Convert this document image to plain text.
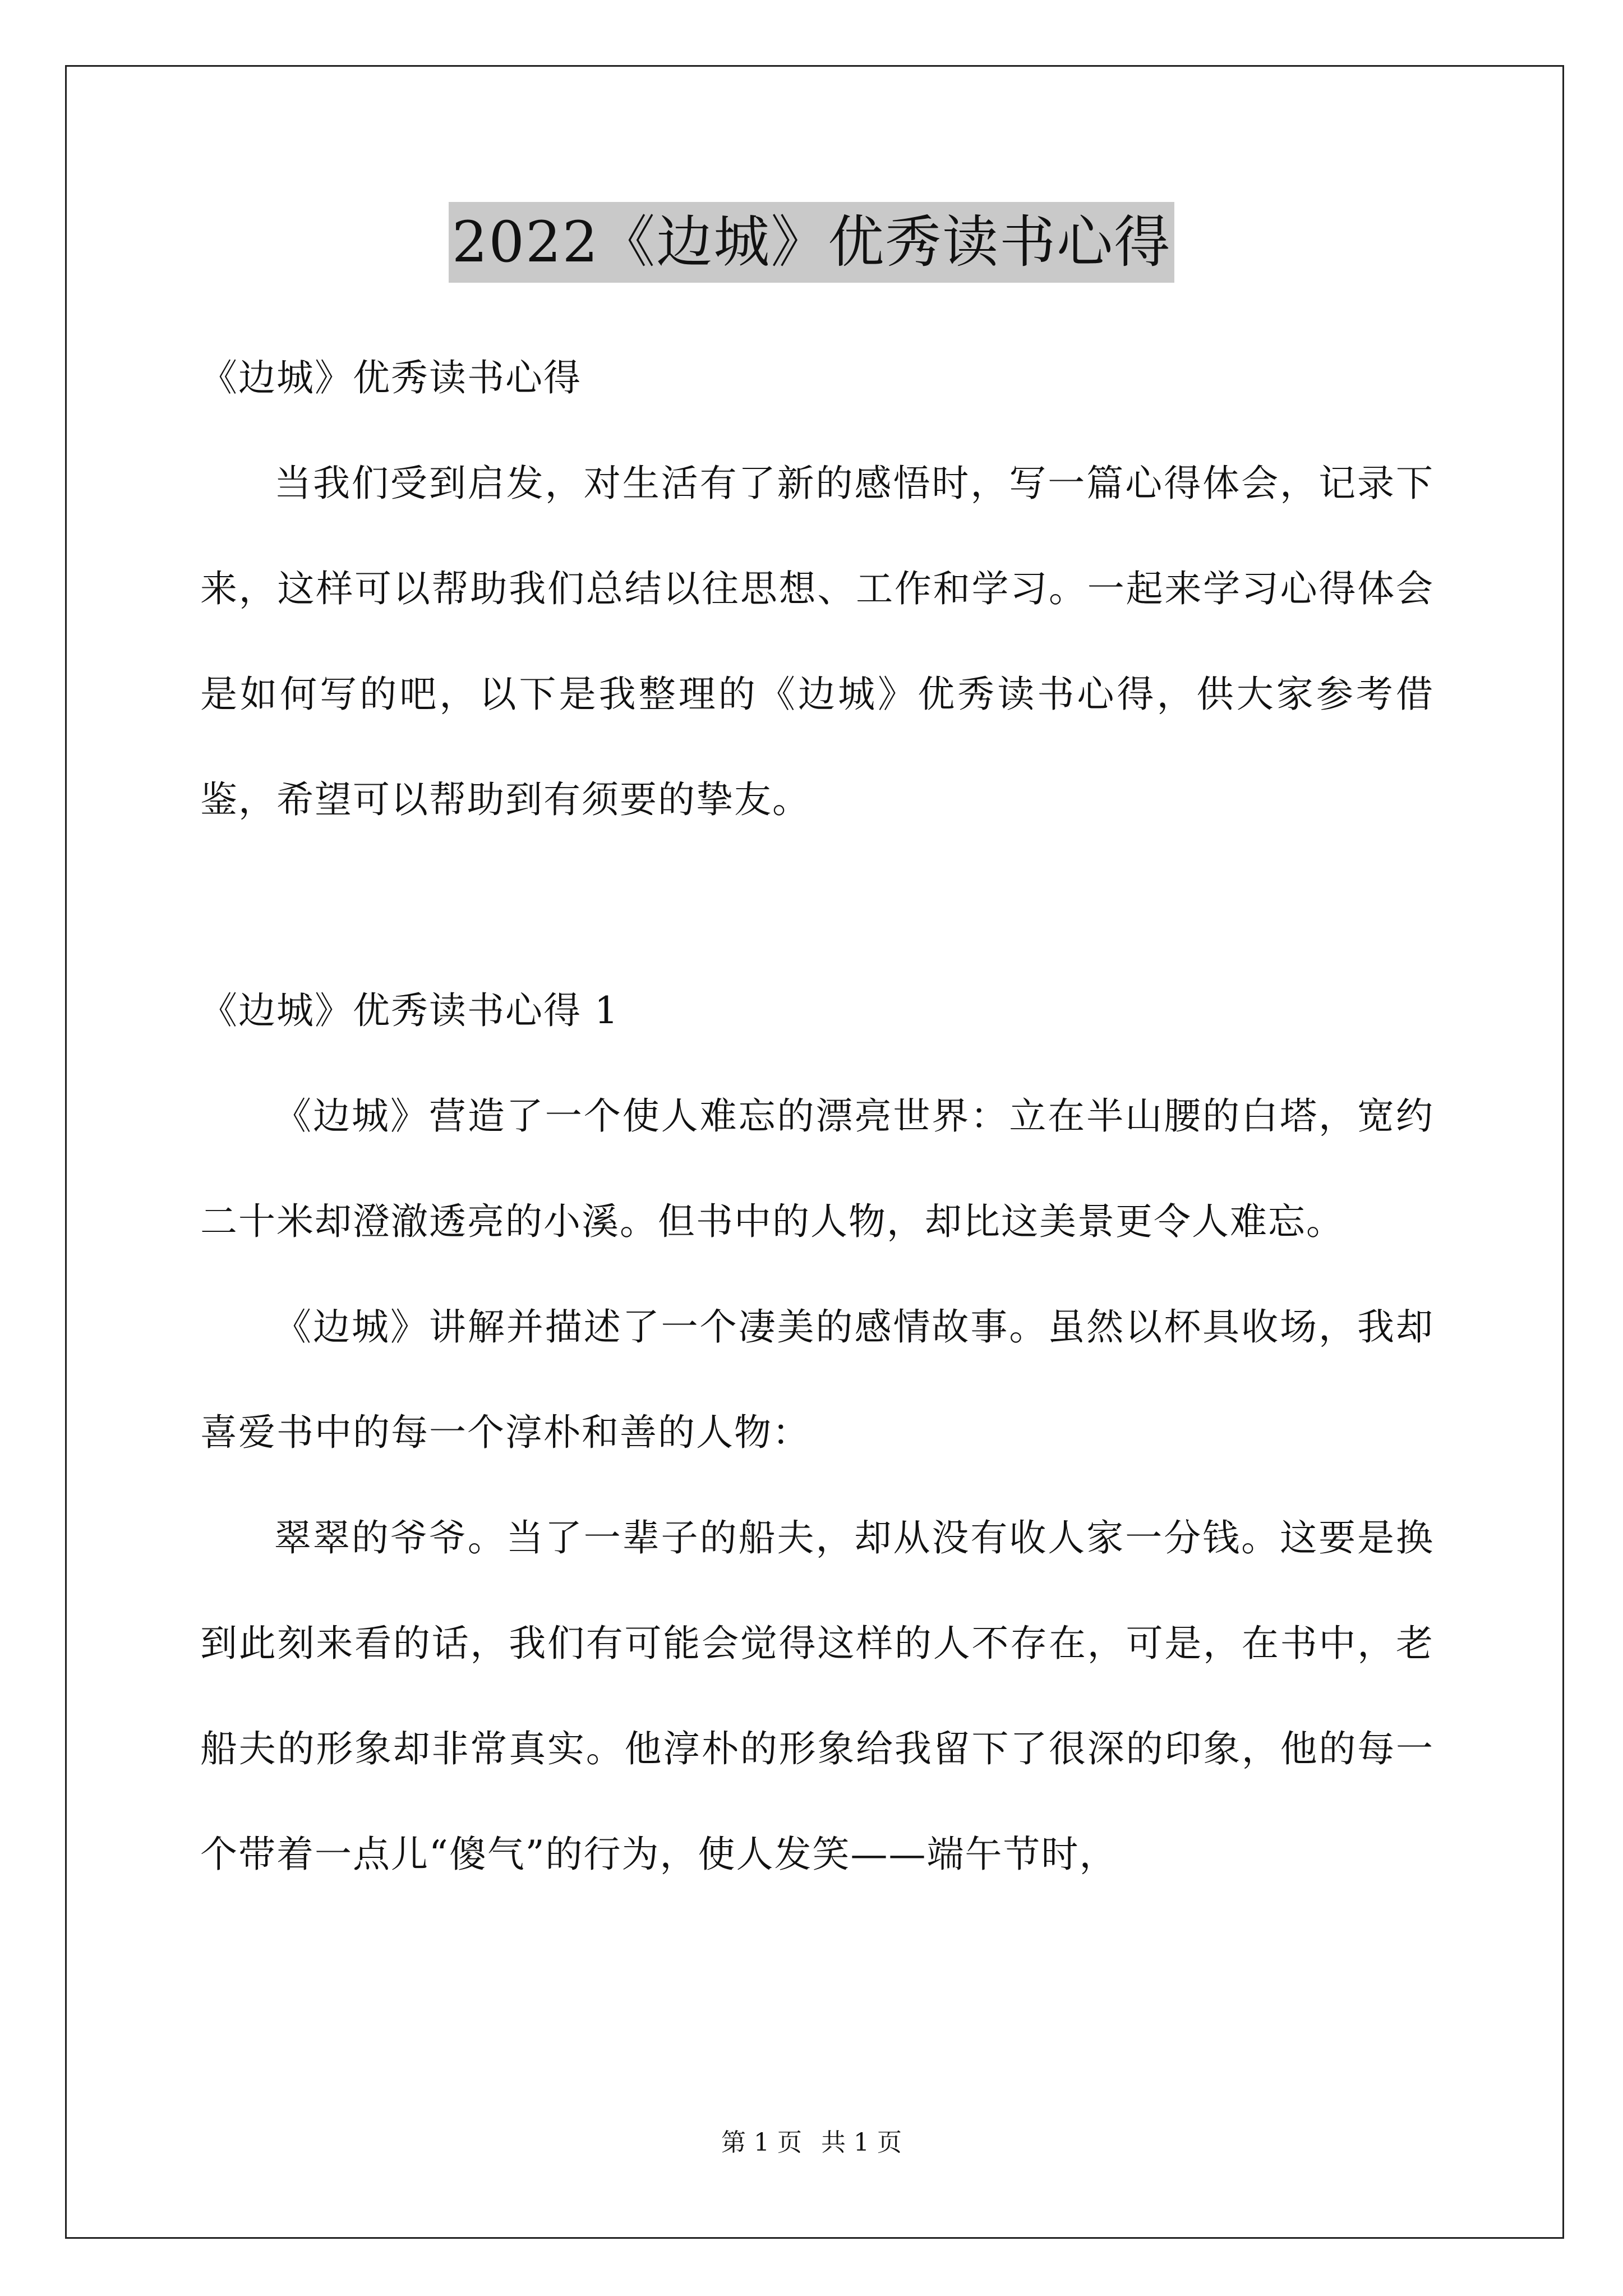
2022《边城》优秀读书心得

《边城》优秀读书心得

当我们受到启发，对生活有了新的感悟时，写一篇心得体会，记录下来，这样可以帮助我们总结以往思想、工作和学习。一起来学习心得体会是如何写的吧，以下是我整理的《边城》优秀读书心得，供大家参考借鉴，希望可以帮助到有须要的挚友。

《边城》优秀读书心得 1

《边城》营造了一个使人难忘的漂亮世界：立在半山腰的白塔，宽约二十米却澄澈透亮的小溪。但书中的人物，却比这美景更令人难忘。

《边城》讲解并描述了一个凄美的感情故事。虽然以杯具收场，我却喜爱书中的每一个淳朴和善的人物：

翠翠的爷爷。当了一辈子的船夫，却从没有收人家一分钱。这要是换到此刻来看的话，我们有可能会觉得这样的人不存在，可是，在书中，老船夫的形象却非常真实。他淳朴的形象给我留下了很深的印象，他的每一个带着一点儿“傻气”的行为，使人发笑——端午节时，

第 1 页 共 1 页
